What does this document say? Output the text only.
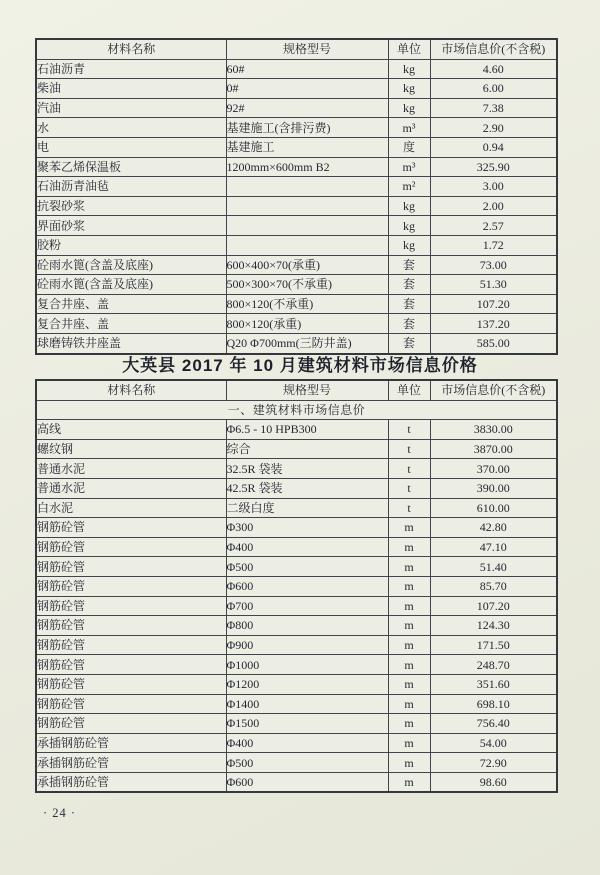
材料名称	规格型号	单位	市场信息价(不含税)
石油沥青	60#	kg	4.60
柴油	0#	kg	6.00
汽油	92#	kg	7.38
水	基建施工(含排污费)	m³	2.90
电	基建施工	度	0.94
聚苯乙烯保温板	1200mm×600mm B2	m³	325.90
石油沥青油毡		m²	3.00
抗裂砂浆		kg	2.00
界面砂浆		kg	2.57
胶粉		kg	1.72
砼雨水篦(含盖及底座)	600×400×70(承重)	套	73.00
砼雨水篦(含盖及底座)	500×300×70(不承重)	套	51.30
复合井座、盖	800×120(不承重)	套	107.20
复合井座、盖	800×120(承重)	套	137.20
球磨铸铁井座盖	Q20 Φ700mm(三防井盖)	套	585.00
大英县 2017 年 10 月建筑材料市场信息价格
材料名称	规格型号	单位	市场信息价(不含税)
一、建筑材料市场信息价			
高线	Φ6.5 - 10 HPB300	t	3830.00
螺纹钢	综合	t	3870.00
普通水泥	32.5R 袋装	t	370.00
普通水泥	42.5R 袋装	t	390.00
白水泥	二级白度	t	610.00
钢筋砼管	Φ300	m	42.80
钢筋砼管	Φ400	m	47.10
钢筋砼管	Φ500	m	51.40
钢筋砼管	Φ600	m	85.70
钢筋砼管	Φ700	m	107.20
钢筋砼管	Φ800	m	124.30
钢筋砼管	Φ900	m	171.50
钢筋砼管	Φ1000	m	248.70
钢筋砼管	Φ1200	m	351.60
钢筋砼管	Φ1400	m	698.10
钢筋砼管	Φ1500	m	756.40
承插钢筋砼管	Φ400	m	54.00
承插钢筋砼管	Φ500	m	72.90
承插钢筋砼管	Φ600	m	98.60
· 24 ·
